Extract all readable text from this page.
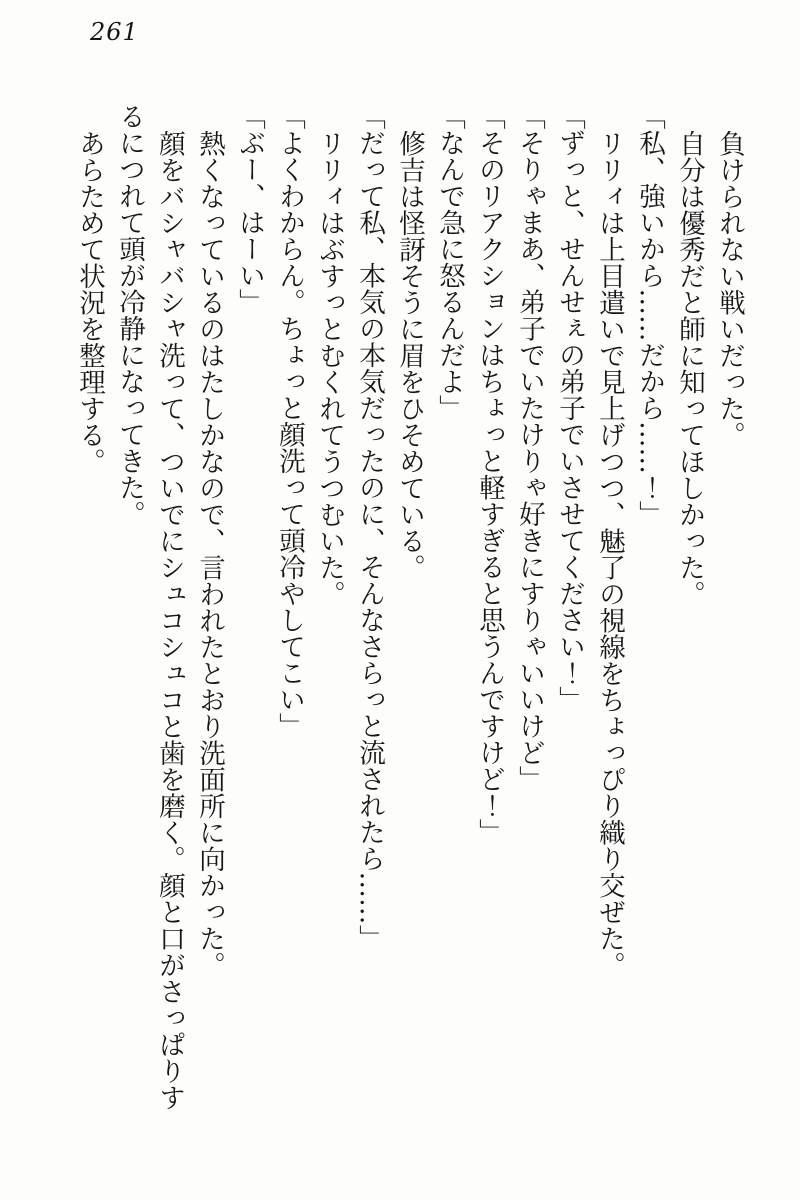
261

負けられない戦いだった。

自分は優秀だと師に知ってほしかった。

「私、強いから……だから……！」

リリィは上目遣いで見上げつつ、魅了の視線をちょっぴり織り交ぜた。

「ずっと、せんせぇの弟子でいさせてください！」

「そりゃまあ、弟子でいたけりゃ好きにすりゃいいけど」

「そのリアクションはちょっと軽すぎると思うんですけど！」

「なんで急に怒るんだよ」

修吉は怪訝そうに眉をひそめている。

「だって私、本気の本気だったのに、そんなさらっと流されたら……」

リリィはぶすっとむくれてうつむいた。

「よくわからん。ちょっと顔洗って頭冷やしてこい」

「ぶー、はーい」

熱くなっているのはたしかなので、言われたとおり洗面所に向かった。

顔をバシャバシャ洗って、ついでにシュコシュコと歯を磨く。顔と口がさっぱりするにつれて頭が冷静になってきた。

あらためて状況を整理する。
